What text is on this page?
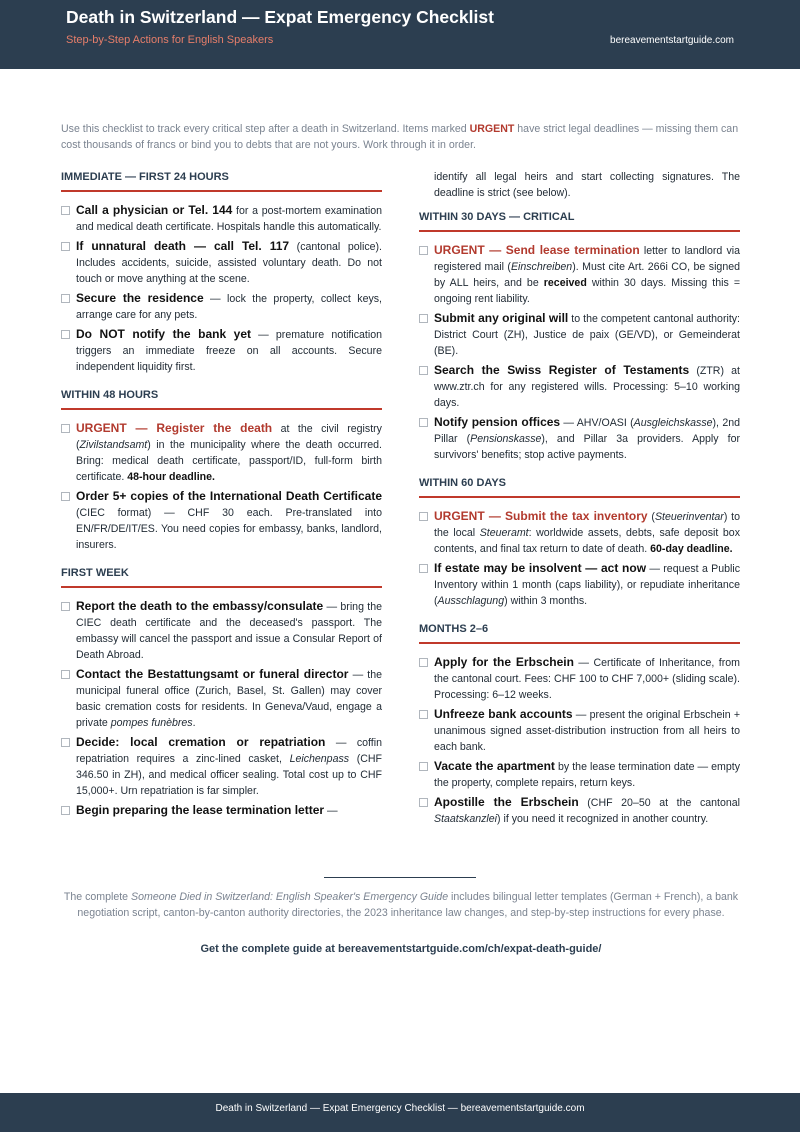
Death in Switzerland — Expat Emergency Checklist
Step-by-Step Actions for English Speakers	bereavementstartguide.com
Use this checklist to track every critical step after a death in Switzerland. Items marked URGENT have strict legal deadlines — missing them can cost thousands of francs or bind you to debts that are not yours. Work through it in order.
IMMEDIATE — FIRST 24 HOURS
Call a physician or Tel. 144 for a post-mortem examination and medical death certificate. Hospitals handle this automatically.
If unnatural death — call Tel. 117 (cantonal police). Includes accidents, suicide, assisted voluntary death. Do not touch or move anything at the scene.
Secure the residence — lock the property, collect keys, arrange care for any pets.
Do NOT notify the bank yet — premature notification triggers an immediate freeze on all accounts. Secure independent liquidity first.
WITHIN 48 HOURS
URGENT — Register the death at the civil registry (Zivilstandsamt) in the municipality where the death occurred. Bring: medical death certificate, passport/ID, full-form birth certificate. 48-hour deadline.
Order 5+ copies of the International Death Certificate (CIEC format) — CHF 30 each. Pre-translated into EN/FR/DE/IT/ES. You need copies for embassy, banks, landlord, insurers.
FIRST WEEK
Report the death to the embassy/consulate — bring the CIEC death certificate and the deceased's passport. The embassy will cancel the passport and issue a Consular Report of Death Abroad.
Contact the Bestattungsamt or funeral director — the municipal funeral office (Zurich, Basel, St. Gallen) may cover basic cremation costs for residents. In Geneva/Vaud, engage a private pompes funèbres.
Decide: local cremation or repatriation — coffin repatriation requires a zinc-lined casket, Leichenpass (CHF 346.50 in ZH), and medical officer sealing. Total cost up to CHF 15,000+. Urn repatriation is far simpler.
Begin preparing the lease termination letter —
identify all legal heirs and start collecting signatures. The deadline is strict (see below).
WITHIN 30 DAYS — CRITICAL
URGENT — Send lease termination letter to landlord via registered mail (Einschreiben). Must cite Art. 266i CO, be signed by ALL heirs, and be received within 30 days. Missing this = ongoing rent liability.
Submit any original will to the competent cantonal authority: District Court (ZH), Justice de paix (GE/VD), or Gemeinderat (BE).
Search the Swiss Register of Testaments (ZTR) at www.ztr.ch for any registered wills. Processing: 5–10 working days.
Notify pension offices — AHV/OASI (Ausgleichskasse), 2nd Pillar (Pensionskasse), and Pillar 3a providers. Apply for survivors' benefits; stop active payments.
WITHIN 60 DAYS
URGENT — Submit the tax inventory (Steuerinventar) to the local Steueramt: worldwide assets, debts, safe deposit box contents, and final tax return to date of death. 60-day deadline.
If estate may be insolvent — act now — request a Public Inventory within 1 month (caps liability), or repudiate inheritance (Ausschlagung) within 3 months.
MONTHS 2–6
Apply for the Erbschein — Certificate of Inheritance, from the cantonal court. Fees: CHF 100 to CHF 7,000+ (sliding scale). Processing: 6–12 weeks.
Unfreeze bank accounts — present the original Erbschein + unanimous signed asset-distribution instruction from all heirs to each bank.
Vacate the apartment by the lease termination date — empty the property, complete repairs, return keys.
Apostille the Erbschein (CHF 20–50 at the cantonal Staatskanzlei) if you need it recognized in another country.
The complete Someone Died in Switzerland: English Speaker's Emergency Guide includes bilingual letter templates (German + French), a bank negotiation script, canton-by-canton authority directories, the 2023 inheritance law changes, and step-by-step instructions for every phase.
Get the complete guide at bereavementstartguide.com/ch/expat-death-guide/
Death in Switzerland — Expat Emergency Checklist — bereavementstartguide.com
